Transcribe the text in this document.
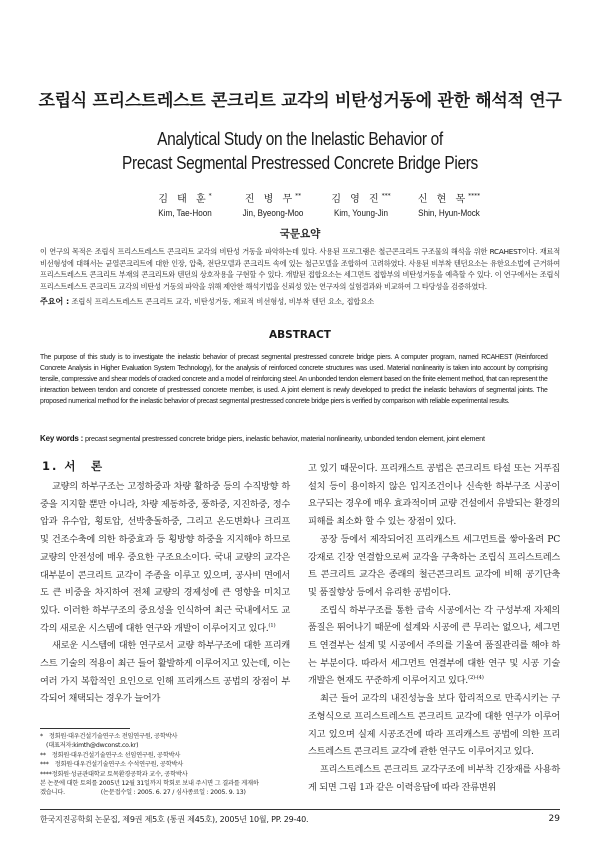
조립식 프리스트레스트 콘크리트 교각의 비탄성거동에 관한 해석적 연구
Analytical Study on the Inelastic Behavior of
Precast Segmental Prestressed Concrete Bridge Piers
김 태 훈*
Kim, Tae-Hoon
진 병 무**
Jin, Byeong-Moo
김 영 진***
Kim, Young-Jin
신 현 목****
Shin, Hyun-Mock
국문요약
이 연구의 목적은 조립식 프리스트레스트 콘크리트 교각의 비탄성 거동을 파악하는데 있다. 사용된 프로그램은 철근콘크리트 구조물의 해석을 위한 RCAHEST이다. 재료적 비선형성에 대해서는 균열콘크리트에 대한 인장, 압축, 전단모델과 콘크리트 속에 있는 철근모델을 조합하여 고려하였다. 사용된 비부착 텐던요소는 유한요소법에 근거하여 프리스트레스트 콘크리트 부재의 콘크리트와 텐던의 상호작용을 구현할 수 있다. 개발된 접합요소는 세그먼트 접합부의 비탄성거동을 예측할 수 있다. 이 연구에서는 조립식 프리스트레스트 콘크리트 교각의 비탄성 거동의 파악을 위해 제안한 해석기법을 신뢰성 있는 연구자의 실험결과와 비교하여 그 타당성을 검증하였다.
주요어 : 조립식 프리스트레스트 콘크리트 교각, 비탄성거동, 재료적 비선형성, 비부착 텐던 요소, 접합요소
ABSTRACT
The purpose of this study is to investigate the inelastic behavior of precast segmental prestressed concrete bridge piers. A computer program, named RCAHEST (Reinforced Concrete Analysis in Higher Evaluation System Technology), for the analysis of reinforced concrete structures was used. Material nonlinearity is taken into account by comprising tensile, compressive and shear models of cracked concrete and a model of reinforcing steel. An unbonded tendon element based on the finite element method, that can represent the interaction between tendon and concrete of prestressed concrete member, is used. A joint element is newly developed to predict the inelastic behaviors of segmental joints. The proposed numerical method for the inelastic behavior of precast segmental prestressed concrete bridge piers is verified by comparison with reliable experimental results.
Key words : precast segmental prestressed concrete bridge piers, inelastic behavior, material nonlinearity, unbonded tendon element, joint element
1. 서　론

교량의 하부구조는 고정하중과 차량 활하중 등의 수직방향 하중을 지지할 뿐만 아니라, 차량 제동하중, 풍하중, 지진하중, 정수압과 유수압, 횡토압, 선박충돌하중, 그리고 온도변화나 크리프 및 건조수축에 의한 하중효과 등 횡방향 하중을 지지해야 하므로 교량의 안전성에 매우 중요한 구조요소이다. 국내 교량의 교각은 대부분이 콘크리트 교각이 주종을 이루고 있으며, 공사비 면에서도 큰 비중을 차지하여 전체 교량의 경제성에 큰 영향을 미치고 있다. 이러한 하부구조의 중요성을 인식하여 최근 국내에서도 교각의 새로운 시스템에 대한 연구와 개발이 이루어지고 있다.$^{(1)}$

새로운 시스템에 대한 연구로서 교량 하부구조에 대한 프리캐스트 기술의 적용이 최근 들어 활발하게 이루어지고 있는데, 이는 여러 가지 복합적인 요인으로 인해 프리캐스트 공법의 장점이 부각되어 채택되는 경우가 늘어가

고 있기 때문이다. 프리캐스트 공법은 콘크리트 타설 또는 거푸집 설치 등이 용이하지 않은 입지조건이나 신속한 하부구조 시공이 요구되는 경우에 매우 효과적이며 교량 건설에서 유발되는 환경의 피해를 최소화 할 수 있는 장점이 있다.

공장 등에서 제작되어진 프리캐스트 세그먼트를 쌓아올려 PC강재로 긴장 연결함으로써 교각을 구축하는 조립식 프리스트레스트 콘크리트 교각은 종래의 철근콘크리트 교각에 비해 공기단축 및 품질향상 등에서 유리한 공법이다.

조립식 하부구조를 통한 급속 시공에서는 각 구성부재 자체의 품질은 뛰어나기 때문에 설계와 시공에 큰 무리는 없으나, 세그먼트 연결부는 설계 및 시공에서 주의를 기울여 품질관리를 해야 하는 부분이다. 따라서 세그먼트 연결부에 대한 연구 및 시공 기술 개발은 현재도 꾸준하게 이루어지고 있다.$^{(2)-(4)}$

최근 들어 교각의 내진성능을 보다 합리적으로 만족시키는 구조형식으로 프리스트레스트 콘크리트 교각에 대한 연구가 이루어지고 있으며 실제 시공조건에 따라 프리캐스트 공법에 의한 프리스트레스트 콘크리트 교각에 관한 연구도 이루어지고 있다.

프리스트레스트 콘크리트 교각구조에 비부착 긴장재를 사용하게 되면 그림 1과 같은 이력응답에 따라 잔류변위

*　정회원·대우건설기술연구소 전임연구원, 공학박사
　(대표저자:kimth@dwconst.co.kr)
**　정회원·대우건설기술연구소 선임연구원, 공학박사
***　정회원·대우건설기술연구소 수석연구원, 공학박사
****정회원·성균관대학교 토목환경공학과 교수, 공학박사
본 논문에 대한 토의를 2005년 12월 31일까지 학회로 보내 주시면 그 결과를 게재하
겠습니다.　　　　　　(논문접수일 : 2005. 6. 27 / 심사종료일 : 2005. 9. 13)
한국지진공학회 논문집, 제9권 제5호 (통권 제45호), 2005년 10월, PP. 29-40.	29
